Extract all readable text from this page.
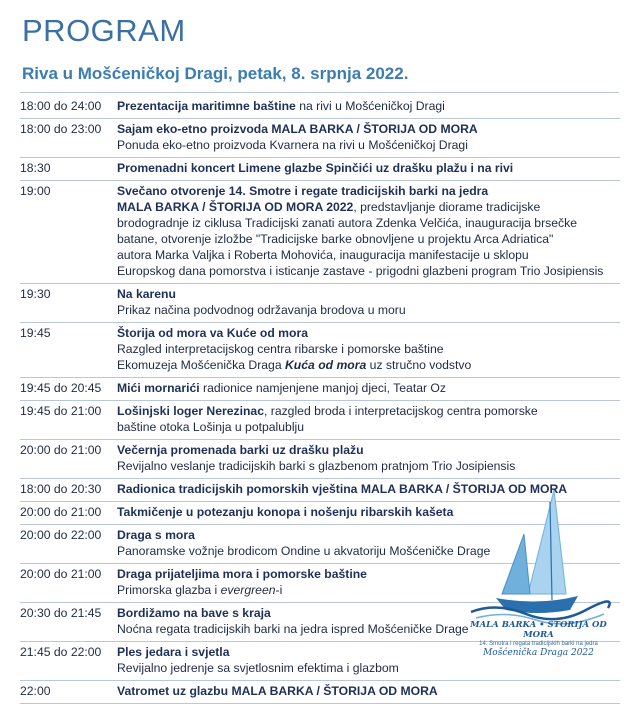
PROGRAM
Riva u Mošćeničkoj Dragi, petak, 8. srpnja 2022.
18:00 do 24:00	Prezentacija maritimne baštine na rivi u Mošćeničkoj Dragi
18:00 do 23:00	Sajam eko-etno proizvoda MALA BARKA / ŠTORIJA OD MORA
Ponuda eko-etno proizvoda Kvarnera na rivi u Mošćeničkoj Dragi
18:30	Promenadni koncert Limene glazbe Spinčići uz drašku plažu i na rivi
19:00	Svečano otvorenje 14. Smotre i regate tradicijskih barki na jedra
MALA BARKA / ŠTORIJA OD MORA 2022, predstavljanje diorame tradicijske
brodogradnje iz ciklusa Tradicijski zanati autora Zdenka Velčića, inauguracija brsečke
batane, otvorenje izložbe "Tradicijske barke obnovljene u projektu Arca Adriatica"
autora Marka Valjka i Roberta Mohovića, inauguracija manifestacije u sklopu
Europskog dana pomorstva i isticanje zastave - prigodni glazbeni program Trio Josipiensis
19:30	Na karenu
Prikaz načina podvodnog održavanja brodova u moru
19:45	Štorija od mora va Kuće od mora
Razgled interpretacijskog centra ribarske i pomorske baštine
Ekomuzeja Mošćenička Draga Kuća od mora uz stručno vodstvo
19:45 do 20:45	Mići mornarići radionice namjenjene manjoj djeci, Teatar Oz
19:45 do 21:00	Lošinjski loger Nerezinac, razgled broda i interpretacijskog centra pomorske
baštine otoka Lošinja u potpalublju
20:00 do 21:00	Večernja promenada barki uz drašku plažu
Revijalno veslanje tradicijskih barki s glazbenom pratnjom Trio Josipiensis
18:00 do 20:30	Radionica tradicijskih pomorskih vještina MALA BARKA / ŠTORIJA OD MORA
20:00 do 21:00	Takmičenje u potezanju konopa i nošenju ribarskih kašeta
20:00 do 22:00	Draga s mora
Panoramske vožnje brodicom Ondine u akvatoriju Mošćeničke Drage
20:00 do 21:00	Draga prijateljima mora i pomorske baštine
Primorska glazba i evergreen-i
20:30 do 21:45	Bordižamo na bave s kraja
Noćna regata tradicijskih barki na jedra ispred Mošćeničke Drage
21:45 do 22:00	Ples jedara i svjetla
Revijalno jedrenje sa svjetlosnim efektima i glazbom
22:00	Vatromet uz glazbu MALA BARKA / ŠTORIJA OD MORA
MALA BARKA • ŠTORIJA OD MORA
14. Smotra i regata tradicijskih barki na jedra
Mošćenička Draga 2022
